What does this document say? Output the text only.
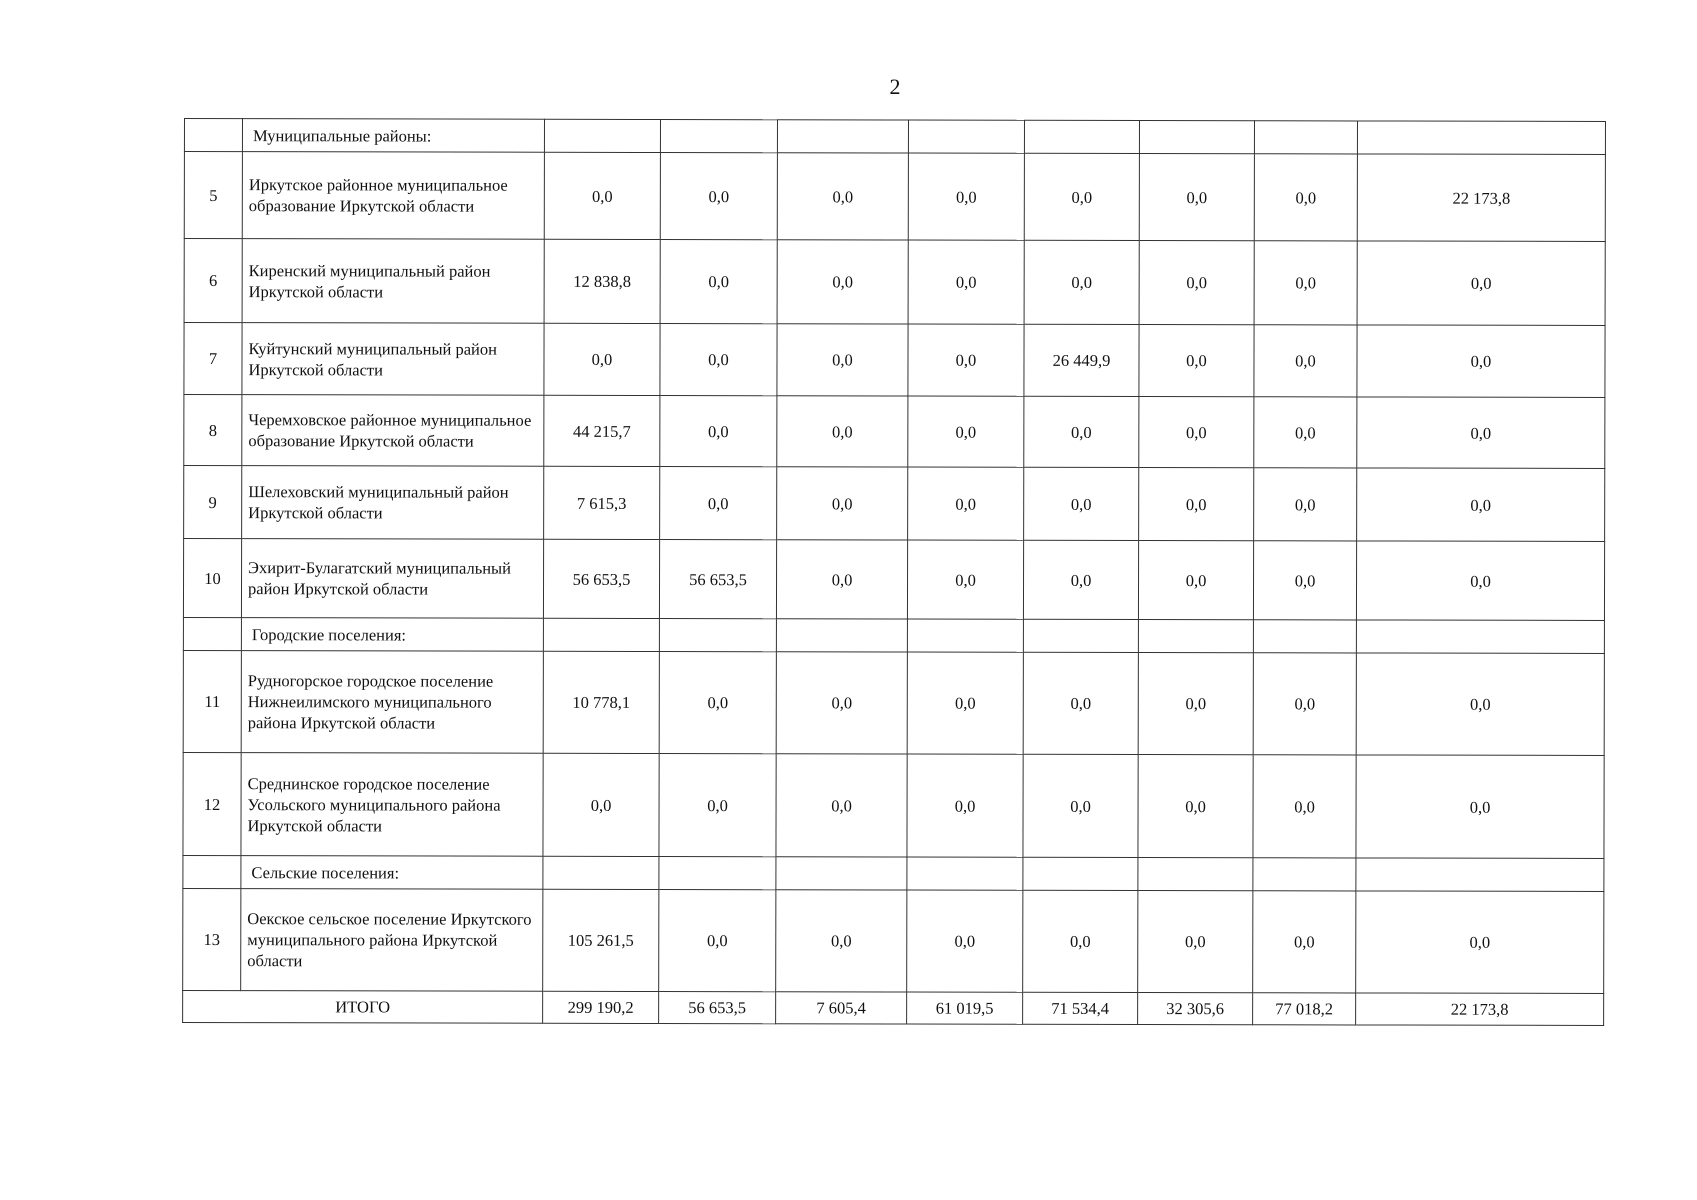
2
	Муниципальные районы:								
5	Иркутское районное муниципальное образование Иркутской области	0,0	0,0	0,0	0,0	0,0	0,0	0,0	22 173,8
6	Киренский муниципальный район Иркутской области	12 838,8	0,0	0,0	0,0	0,0	0,0	0,0	0,0
7	Куйтунский муниципальный район Иркутской области	0,0	0,0	0,0	0,0	26 449,9	0,0	0,0	0,0
8	Черемховское районное муниципальное образование Иркутской области	44 215,7	0,0	0,0	0,0	0,0	0,0	0,0	0,0
9	Шелеховский муниципальный район Иркутской области	7 615,3	0,0	0,0	0,0	0,0	0,0	0,0	0,0
10	Эхирит-Булагатский муниципальный район Иркутской области	56 653,5	56 653,5	0,0	0,0	0,0	0,0	0,0	0,0
	Городские поселения:								
11	Рудногорское городское поселение Нижнеилимского муниципального района Иркутской области	10 778,1	0,0	0,0	0,0	0,0	0,0	0,0	0,0
12	Среднинское городское поселение Усольского муниципального района Иркутской области	0,0	0,0	0,0	0,0	0,0	0,0	0,0	0,0
	Сельские поселения:								
13	Оекское сельское поселение Иркутского муниципального района Иркутской области	105 261,5	0,0	0,0	0,0	0,0	0,0	0,0	0,0
ИТОГО		299 190,2	56 653,5	7 605,4	61 019,5	71 534,4	32 305,6	77 018,2	22 173,8
